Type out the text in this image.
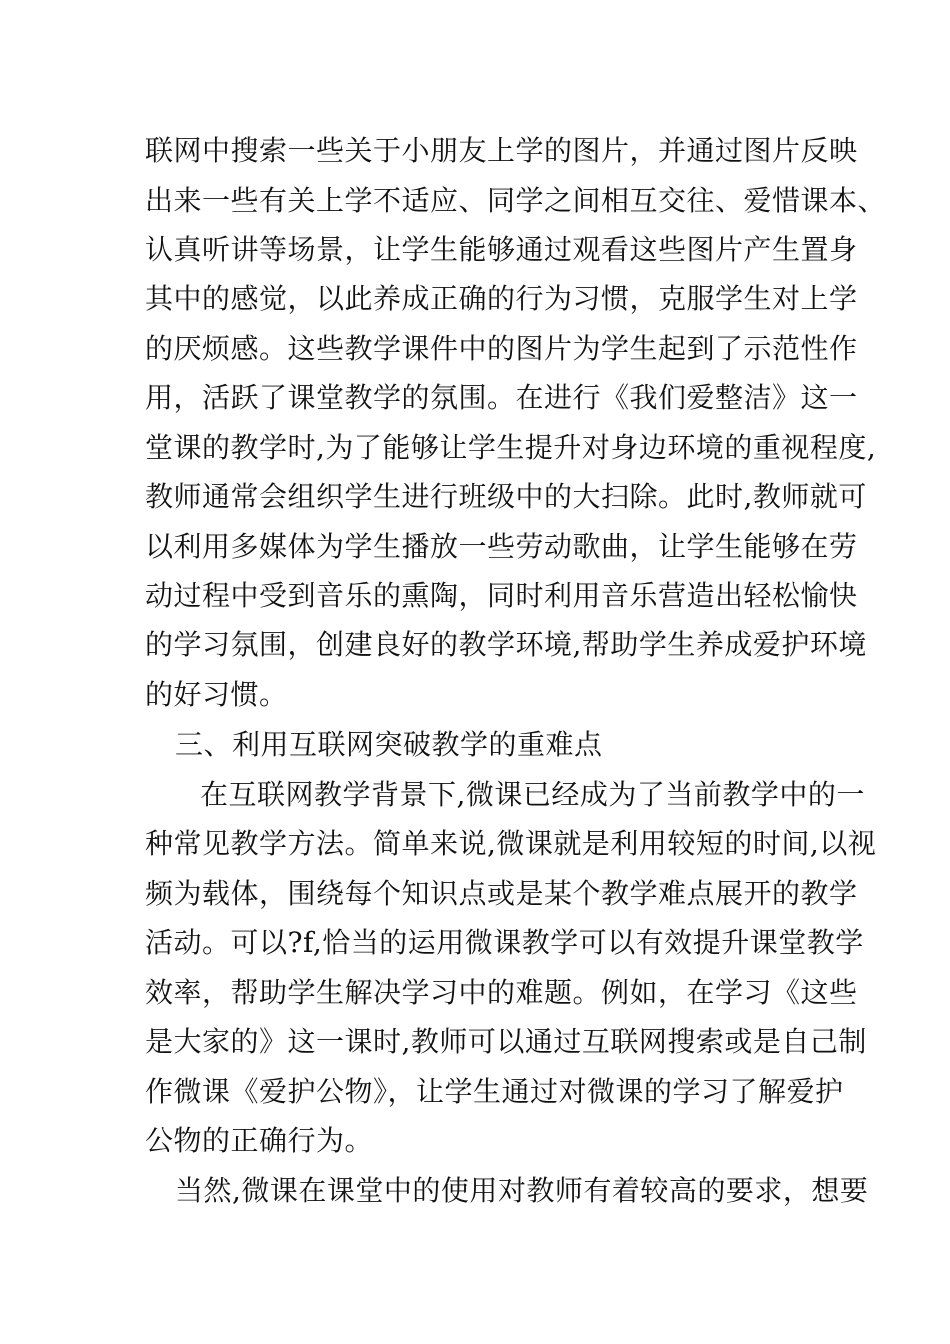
联网中搜索一些关于小朋友上学的图片，并通过图片反映
出来一些有关上学不适应、同学之间相互交往、爱惜课本、
认真听讲等场景，让学生能够通过观看这些图片产生置身
其中的感觉，以此养成正确的行为习惯，克服学生对上学
的厌烦感。这些教学课件中的图片为学生起到了示范性作
用，活跃了课堂教学的氛围。在进行《我们爱整洁》这一
堂课的教学时,为了能够让学生提升对身边环境的重视程度,
教师通常会组织学生进行班级中的大扫除。此时,教师就可
以利用多媒体为学生播放一些劳动歌曲，让学生能够在劳
动过程中受到音乐的熏陶，同时利用音乐营造出轻松愉快
的学习氛围，创建良好的教学环境,帮助学生养成爱护环境
的好习惯。
三、利用互联网突破教学的重难点
在互联网教学背景下,微课已经成为了当前教学中的一
种常见教学方法。简单来说,微课就是利用较短的时间,以视
频为载体，围绕每个知识点或是某个教学难点展开的教学
活动。可以?f,恰当的运用微课教学可以有效提升课堂教学
效率，帮助学生解决学习中的难题。例如，在学习《这些
是大家的》这一课时,教师可以通过互联网搜索或是自己制
作微课《爱护公物》，让学生通过对微课的学习了解爱护
公物的正确行为。
当然,微课在课堂中的使用对教师有着较高的要求，想要
